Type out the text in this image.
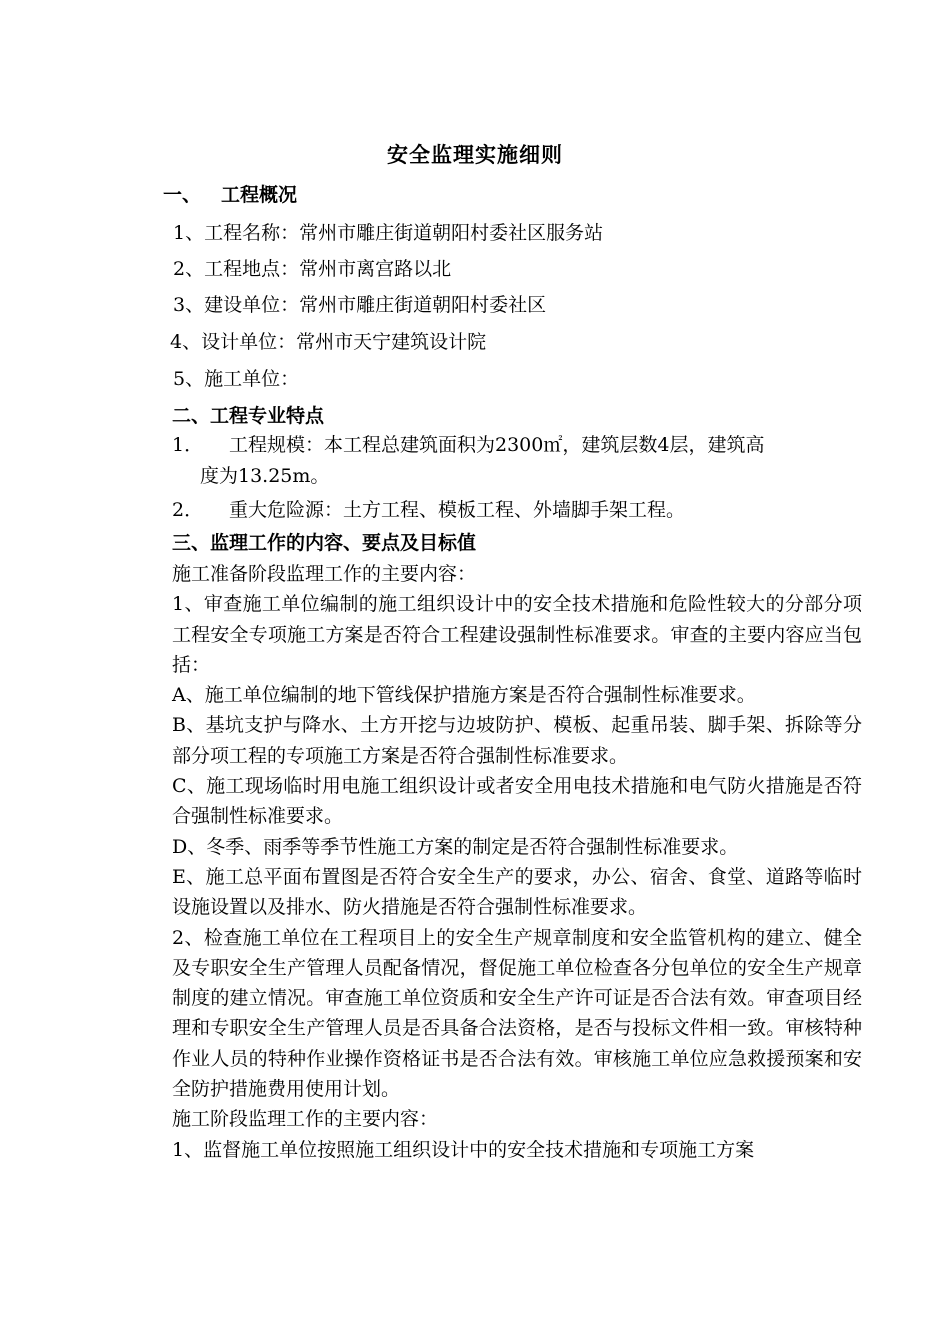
安全监理实施细则
一、 工程概况
1、工程名称：常州市雕庄街道朝阳村委社区服务站
2、工程地点：常州市离宫路以北
3、建设单位：常州市雕庄街道朝阳村委社区
4、设计单位：常州市天宁建筑设计院
5、施工单位：
二、工程专业特点
1． 工程规模：本工程总建筑面积为2300㎡，建筑层数4层，建筑高
度为13.25m。
2． 重大危险源：土方工程、模板工程、外墙脚手架工程。
三、监理工作的内容、要点及目标值
施工准备阶段监理工作的主要内容：
1、审查施工单位编制的施工组织设计中的安全技术措施和危险性较大的分部分项工程安全专项施工方案是否符合工程建设强制性标准要求。审查的主要内容应当包括：
A、施工单位编制的地下管线保护措施方案是否符合强制性标准要求。
B、基坑支护与降水、土方开挖与边坡防护、模板、起重吊装、脚手架、拆除等分部分项工程的专项施工方案是否符合强制性标准要求。
C、施工现场临时用电施工组织设计或者安全用电技术措施和电气防火措施是否符合强制性标准要求。
D、冬季、雨季等季节性施工方案的制定是否符合强制性标准要求。
E、施工总平面布置图是否符合安全生产的要求，办公、宿舍、食堂、道路等临时设施设置以及排水、防火措施是否符合强制性标准要求。
2、检查施工单位在工程项目上的安全生产规章制度和安全监管机构的建立、健全及专职安全生产管理人员配备情况，督促施工单位检查各分包单位的安全生产规章制度的建立情况。审查施工单位资质和安全生产许可证是否合法有效。审查项目经理和专职安全生产管理人员是否具备合法资格，是否与投标文件相一致。审核特种作业人员的特种作业操作资格证书是否合法有效。审核施工单位应急救援预案和安全防护措施费用使用计划。
施工阶段监理工作的主要内容：
1、监督施工单位按照施工组织设计中的安全技术措施和专项施工方案
